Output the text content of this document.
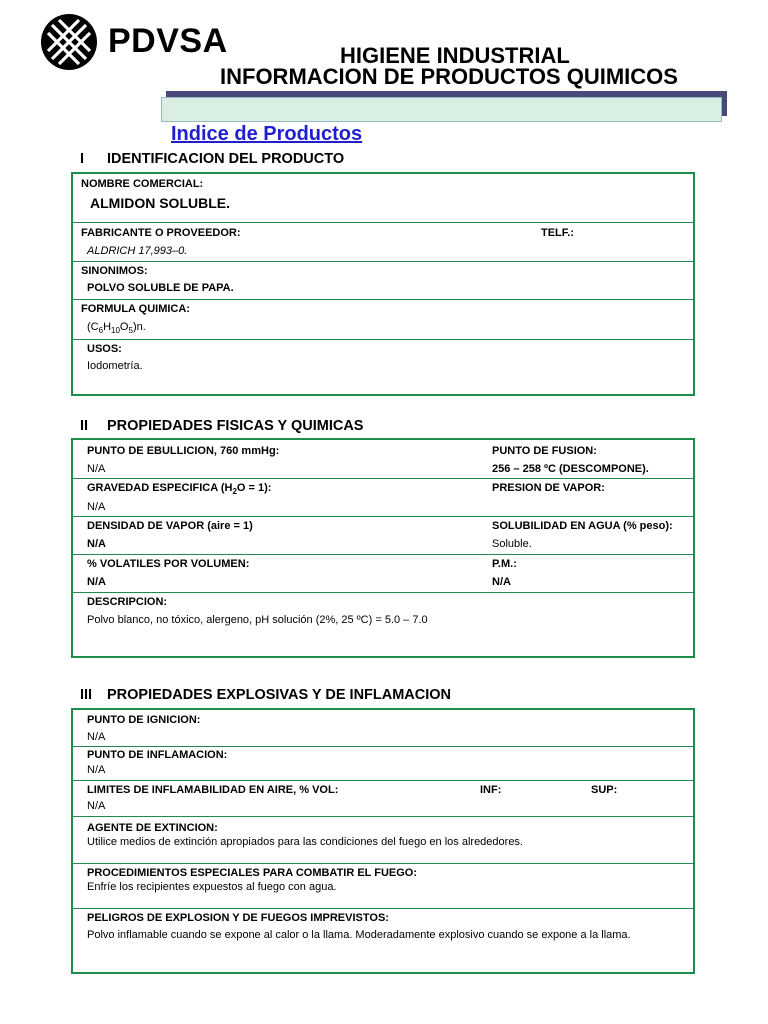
PDVSA	HIGIENE INDUSTRIAL
INFORMACION DE PRODUCTOS QUIMICOS
Indice de Productos
I IDENTIFICACION DEL PRODUCTO
NOMBRE COMERCIAL:
ALMIDON SOLUBLE.
FABRICANTE O PROVEEDOR:	TELF.:
ALDRICH 17,993–0.
SINONIMOS:
POLVO SOLUBLE DE PAPA.
FORMULA QUIMICA:
$(C_6H_{10}O_5)n$.
USOS:
Iodometría.
II PROPIEDADES FISICAS Y QUIMICAS
PUNTO DE EBULLICION, 760 mmHg:
N/A
PUNTO DE FUSION:
256 – 258 ºC (DESCOMPONE).
GRAVEDAD ESPECIFICA $(H_2O = 1)$:
N/A
PRESION DE VAPOR:
DENSIDAD DE VAPOR (aire = 1)
N/A
SOLUBILIDAD EN AGUA (% peso):
Soluble.
% VOLATILES POR VOLUMEN:
N/A
P.M.:
N/A
DESCRIPCION:
Polvo blanco, no tóxico, alergeno, pH solución (2%, 25 ºC) = 5.0 – 7.0
III PROPIEDADES EXPLOSIVAS Y DE INFLAMACION
PUNTO DE IGNICION:
N/A
PUNTO DE INFLAMACION:
N/A
LIMITES DE INFLAMABILIDAD EN AIRE, % VOL:	INF:	SUP:
N/A
AGENTE DE EXTINCION:
Utilice medios de extinción apropiados para las condiciones del fuego en los alrededores.
PROCEDIMIENTOS ESPECIALES PARA COMBATIR EL FUEGO:
Enfríe los recipientes expuestos al fuego con agua.
PELIGROS DE EXPLOSION Y DE FUEGOS IMPREVISTOS:
Polvo inflamable cuando se expone al calor o la llama. Moderadamente explosivo cuando se expone a la llama.
